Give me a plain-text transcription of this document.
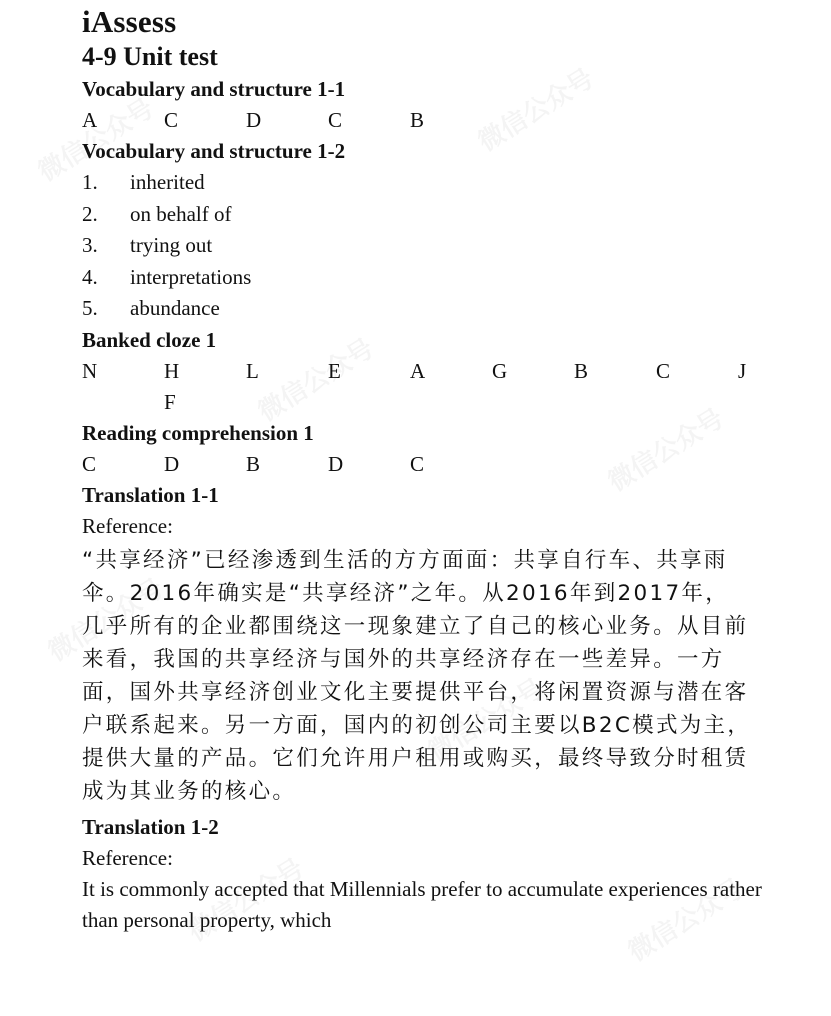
iAssess
4-9 Unit test
Vocabulary and structure 1-1
A	C	D	C	B
Vocabulary and structure 1-2
1.	inherited
2.	on behalf of
3.	trying out
4.	interpretations
5.	abundance
Banked cloze 1
N	H	L	E	A	G	B	C	J
F
Reading comprehension 1
C	D	B	D	C
Translation 1-1
Reference:
“共享经济”已经渗透到生活的方方面面：共享自行车、共享雨伞。2016年确实是“共享经济”之年。从2016年到2017年，几乎所有的企业都围绕这一现象建立了自己的核心业务。从目前来看，我国的共享经济与国外的共享经济存在一些差异。一方面，国外共享经济创业文化主要提供平台，将闲置资源与潜在客户联系起来。另一方面，国内的初创公司主要以B2C模式为主，提供大量的产品。它们允许用户租用或购买，最终导致分时租赁成为其业务的核心。
Translation 1-2
Reference:
It is commonly accepted that Millennials prefer to accumulate experiences rather than personal property, which
